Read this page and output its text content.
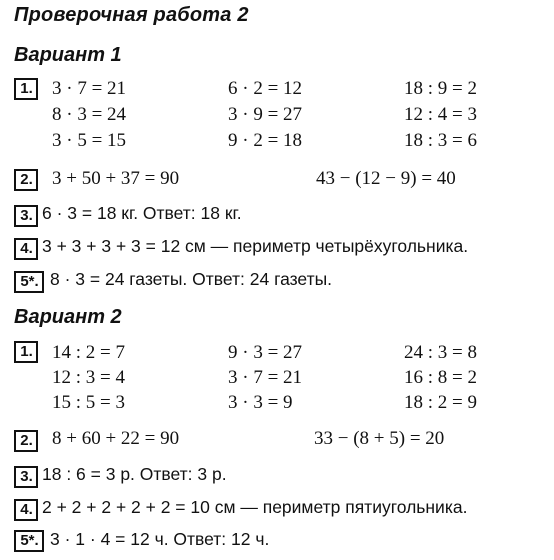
Проверочная работа 2
Вариант 1
1. 3 · 7 = 21
8 · 3 = 24
3 · 5 = 15
6 · 2 = 12
3 · 9 = 27
9 · 2 = 18
18 : 9 = 2
12 : 4 = 3
18 : 3 = 6
2. 3 + 50 + 37 = 90	43 − (12 − 9) = 40
3. 6 · 3 = 18 кг. Ответ: 18 кг.
4. 3 + 3 + 3 + 3 = 12 см — периметр четырёхугольника.
5*. 8 · 3 = 24 газеты. Ответ: 24 газеты.
Вариант 2
1. 14 : 2 = 7
12 : 3 = 4
15 : 5 = 3
9 · 3 = 27
3 · 7 = 21
3 · 3 = 9
24 : 3 = 8
16 : 8 = 2
18 : 2 = 9
2. 8 + 60 + 22 = 90	33 − (8 + 5) = 20
3. 18 : 6 = 3 р. Ответ: 3 р.
4. 2 + 2 + 2 + 2 + 2 = 10 см — периметр пятиугольника.
5*. 3 · 1 · 4 = 12 ч. Ответ: 12 ч.
